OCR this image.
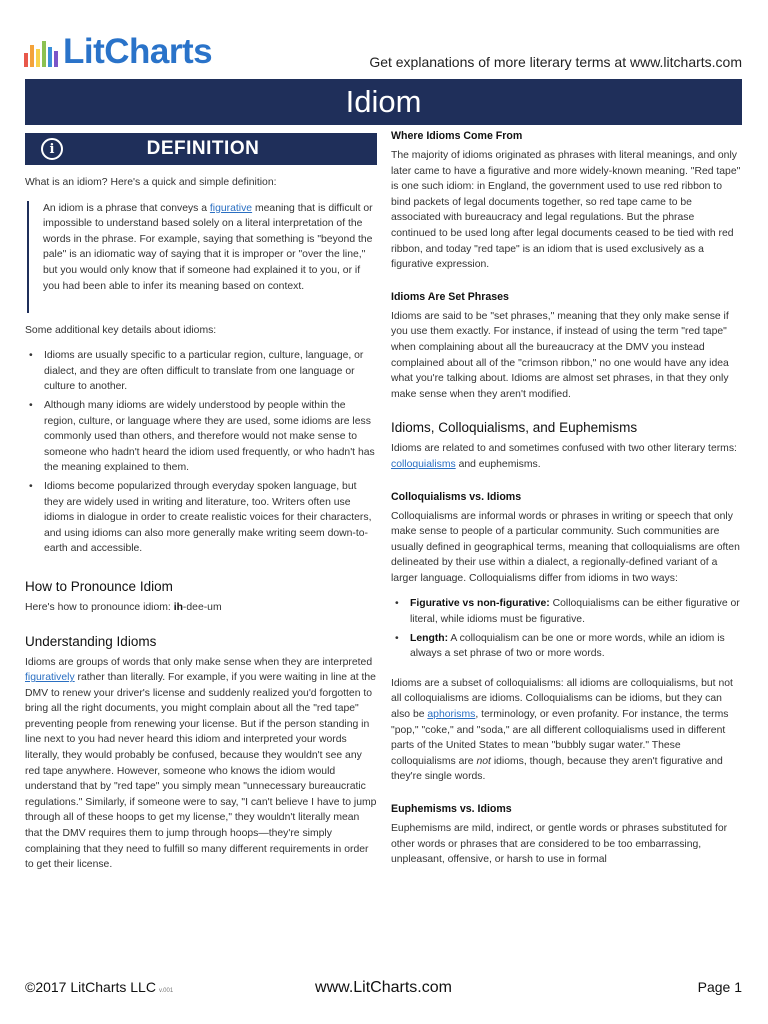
LitCharts	Get explanations of more literary terms at www.litcharts.com
Idiom
i	DEFINITION

What is an idiom? Here's a quick and simple definition:

An idiom is a phrase that conveys a figurative meaning that is difficult or impossible to understand based solely on a literal interpretation of the words in the phrase. For example, saying that something is "beyond the pale" is an idiomatic way of saying that it is improper or "over the line," but you would only know that if someone had explained it to you, or if you had been able to infer its meaning based on context.

Some additional key details about idioms:

• Idioms are usually specific to a particular region, culture, language, or dialect, and they are often difficult to translate from one language or culture to another.
• Although many idioms are widely understood by people within the region, culture, or language where they are used, some idioms are less commonly used than others, and therefore would not make sense to someone who hadn't heard the idiom used frequently, or who hadn't has the meaning explained to them.
• Idioms become popularized through everyday spoken language, but they are widely used in writing and literature, too. Writers often use idioms in dialogue in order to create realistic voices for their characters, and using idioms can also more generally make writing seem down-to-earth and accessible.
How to Pronounce Idiom

Here's how to pronounce idiom: ih-dee-um

Understanding Idioms

Idioms are groups of words that only make sense when they are interpreted figuratively rather than literally. For example, if you were waiting in line at the DMV to renew your driver's license and suddenly realized you'd forgotten to bring all the right documents, you might complain about all the "red tape" preventing people from renewing your license. But if the person standing in line next to you had never heard this idiom and interpreted your words literally, they would probably be confused, because they wouldn't see any red tape anywhere. However, someone who knows the idiom would understand that by "red tape" you simply mean "unnecessary bureaucratic regulations." Similarly, if someone were to say, "I can't believe I have to jump through all of these hoops to get my license," they wouldn't literally mean that the DMV requires them to jump through hoops—they're simply complaining that they need to fulfill so many different requirements in order to get their license.

Where Idioms Come From

The majority of idioms originated as phrases with literal meanings, and only later came to have a figurative and more widely-known meaning. "Red tape" is one such idiom: in England, the government used to use red ribbon to bind packets of legal documents together, so red tape came to be associated with bureaucracy and legal regulations. But the phrase continued to be used long after legal documents ceased to be tied with red ribbon, and today "red tape" is an idiom that is used exclusively as a figurative expression.

Idioms Are Set Phrases

Idioms are said to be "set phrases," meaning that they only make sense if you use them exactly. For instance, if instead of using the term "red tape" when complaining about all the bureaucracy at the DMV you instead complained about all of the "crimson ribbon," no one would have any idea what you're talking about. Idioms are almost set phrases, in that they only make sense when they aren't modified.

Idioms, Colloquialisms, and Euphemisms

Idioms are related to and sometimes confused with two other literary terms: colloquialisms and euphemisms.

Colloquialisms vs. Idioms

Colloquialisms are informal words or phrases in writing or speech that only make sense to people of a particular community. Such communities are usually defined in geographical terms, meaning that colloquialisms are often delineated by their use within a dialect, a regionally-defined variant of a larger language. Colloquialisms differ from idioms in two ways:

• Figurative vs non-figurative: Colloquialisms can be either figurative or literal, while idioms must be figurative.
• Length: A colloquialism can be one or more words, while an idiom is always a set phrase of two or more words.

Idioms are a subset of colloquialisms: all idioms are colloquialisms, but not all colloquialisms are idioms. Colloquialisms can be idioms, but they can also be aphorisms, terminology, or even profanity. For instance, the terms "pop," "coke," and "soda," are all different colloquialisms used in different parts of the United States to mean "bubbly sugar water." These colloquialisms are not idioms, though, because they aren't figurative and they're single words.

Euphemisms vs. Idioms

Euphemisms are mild, indirect, or gentle words or phrases substituted for other words or phrases that are considered to be too embarrassing, unpleasant, offensive, or harsh to use in formal

©2017 LitCharts LLC v.001	www.LitCharts.com	Page 1
